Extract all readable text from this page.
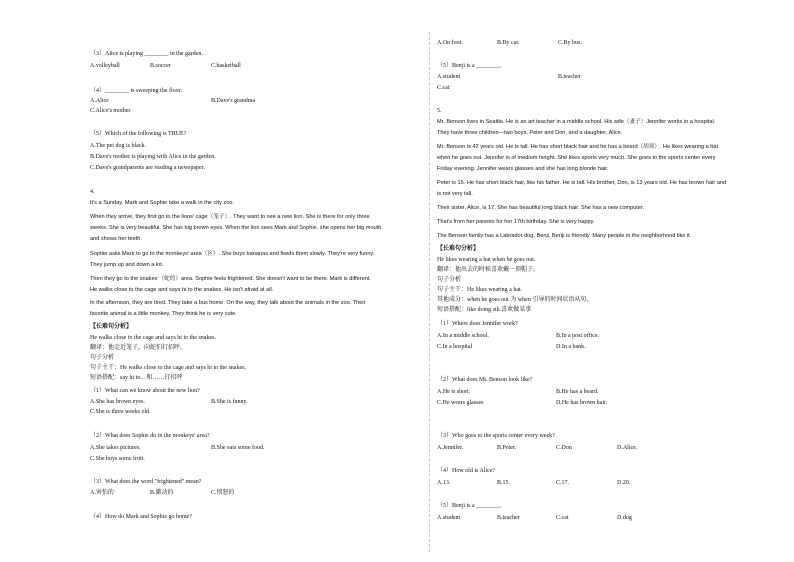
（3）Alice is playing ________ in the garden.
A.volleyball	B.soccer	C.basketball
（4）________ is sweeping the floor.
A.Alice	B.Dave's grandma
C.Alice's mother
（5）Which of the following is TRUE?
A.The pet dog is black.
B.Dave's mother is playing with Alice in the garden.
C.Dave's grandparents are reading a newspaper.
4.
It's a Sunday. Mark and Sophie take a walk in the city zoo.
When they arrive, they first go to the lions' cage（笼子）. They want to see a new lion. She is there for only three
weeks. She is very beautiful. She has big brown eyes. When the lion sees Mark and Sophie, she opens her big mouth
and shows her teeth.
Sophie asks Mark to go to the monkeys' area（区）. She buys bananas and feeds them slowly. They're very funny.
They jump up and down a lot.
Then they go to the snakes'（蛇的）area. Sophie feels frightened. She doesn't want to be there. Mark is different.
He walks close to the cage and says hi to the snakes. He isn't afraid at all.
In the afternoon, they are tired. They take a bus home. On the way, they talk about the animals in the zoo. Their
favorite animal is a little monkey. They think he is very cute.
【长难句分析】
He walks close to the cage and says hi to the snakes.
翻译：他走近笼子，向蛇们打招呼。
句子分析
句子主干：He walks close to the cage and says hi to the snakes.
短语搭配：say hi to... 和……打招呼
（1）What can we know about the new lion?
A.She has brown eyes.	B.She is funny.
C.She is three weeks old.
（2）What does Sophie do in the monkeys' area?
A.She takes pictures.	B.She eats some food.
C.She buys some fruit.
（3）What does the word "frightened" mean?
A.害怕的	B.激动的	C.愤怒的
（4）How do Mark and Sophie go home?
A.On foot.	B.By car.	C.By bus.
（5）Benji is a ________.
A.student	B.teacher
C.cat
5.
Mr. Benson lives in Seattle. He is an art teacher in a middle school. His wife（妻子）Jennifer works in a hospital.
They have three children—two boys, Peter and Don, and a daughter, Alice.
Mr. Benson is 42 years old. He is tall. He has short black hair and he has a beard（胡须）. He likes wearing a hat
when he goes out. Jennifer is of medium height. She likes sports very much. She goes to the sports center every
Friday evening. Jennifer wears glasses and she has long blonde hair.
Peter is 15. He has short black hair, like his father. He is tall. His brother, Don, is 13 years old. He has brown hair and
is not very tall.
Their sister, Alice, is 17. She has beautiful long black hair. She has a new computer.
That's from her parents for her 17th birthday. She is very happy.
The Benson family has a Labrador dog, Benji. Benji is friendly. Many people in the neighborhood like it.
【长难句分析】
He likes wearing a hat when he goes out.
翻译：他出去的时候喜欢戴一顶帽子。
句子分析
句子主干：He likes wearing a hat.
其他成分：when he goes out 为 when 引导的时间状语从句。
短语搭配：like doing sth.喜欢做某事
（1）Where does Jennifer work?
A.In a middle school.	B.In a post office.
C.In a hospital	D.In a bank.
（2）What does Mr. Benson look like?
A.He is short.	B.He has a beard.
C.He wears glasses	D.He has brown hair.
（3）Who goes to the sports center every week?
A.Jennifer.	B.Peter.	C.Don	D.Alice.
（4）How old is Alice?
A.13.	B.15.	C.17.	D.20.
（5）Benji is a ________.
A.student	B.teacher	C.cat	D.dog
